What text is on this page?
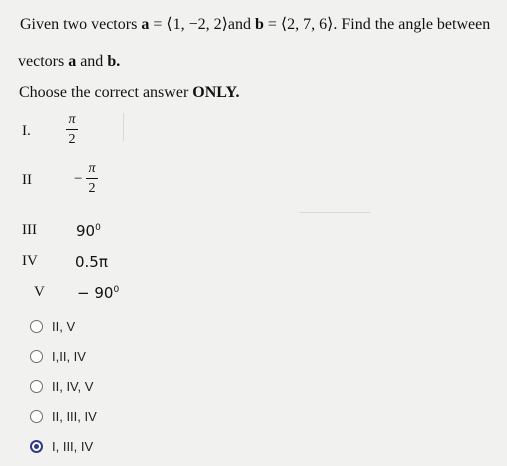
Given two vectors a = ⟨1, −2, 2⟩and b = ⟨2, 7, 6⟩. Find the angle between
vectors a and b.
Choose the correct answer ONLY.
I.
π
2
II	−
π
2
III	$90^0$
IV 0.5π
$V - 90^0$
II, V
I,II, IV
II, IV, V
II, III, IV
I, III, IV
